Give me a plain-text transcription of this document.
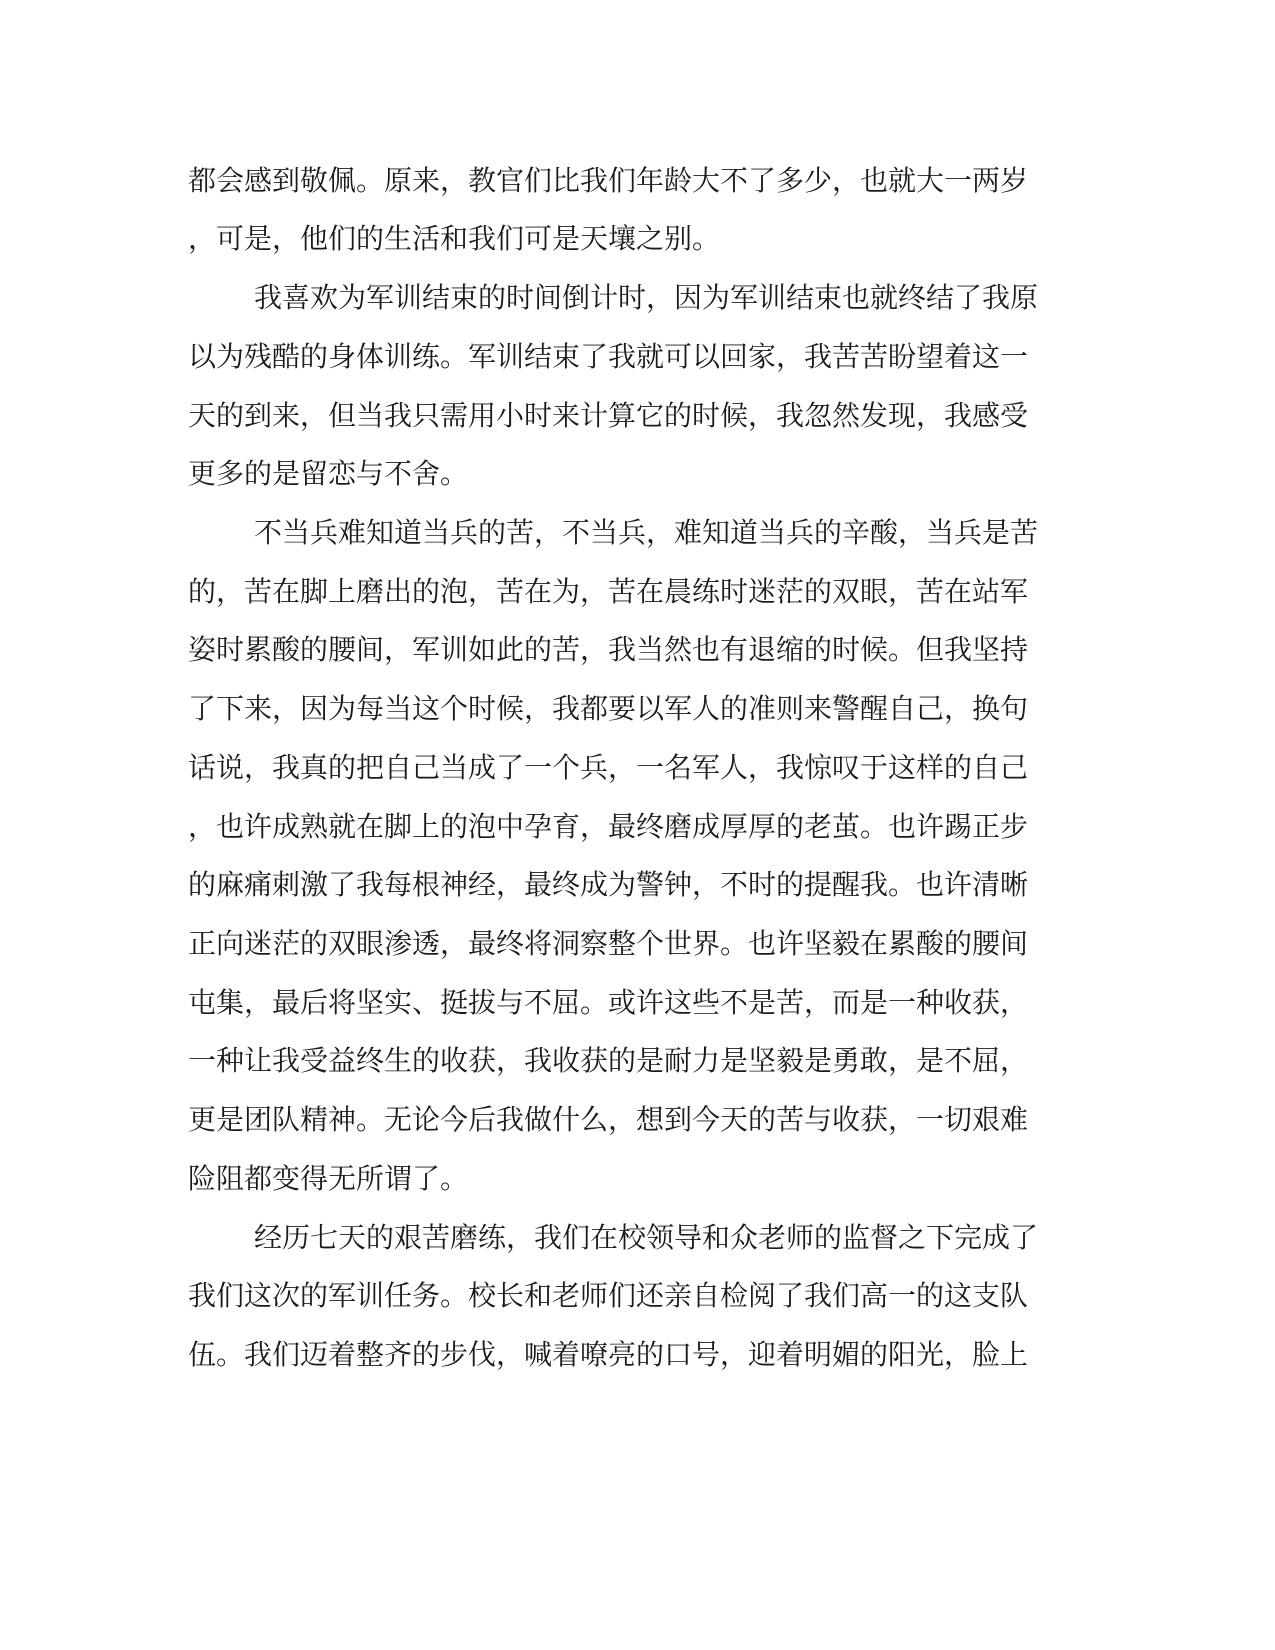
都会感到敬佩。原来，教官们比我们年龄大不了多少，也就大一两岁
，可是，他们的生活和我们可是天壤之别。
我喜欢为军训结束的时间倒计时，因为军训结束也就终结了我原
以为残酷的身体训练。军训结束了我就可以回家，我苦苦盼望着这一
天的到来，但当我只需用小时来计算它的时候，我忽然发现，我感受
更多的是留恋与不舍。
不当兵难知道当兵的苦，不当兵，难知道当兵的辛酸，当兵是苦
的，苦在脚上磨出的泡，苦在为，苦在晨练时迷茫的双眼，苦在站军
姿时累酸的腰间，军训如此的苦，我当然也有退缩的时候。但我坚持
了下来，因为每当这个时候，我都要以军人的准则来警醒自己，换句
话说，我真的把自己当成了一个兵，一名军人，我惊叹于这样的自己
，也许成熟就在脚上的泡中孕育，最终磨成厚厚的老茧。也许踢正步
的麻痛刺激了我每根神经，最终成为警钟，不时的提醒我。也许清晰
正向迷茫的双眼渗透，最终将洞察整个世界。也许坚毅在累酸的腰间
屯集，最后将坚实、挺拔与不屈。或许这些不是苦，而是一种收获，
一种让我受益终生的收获，我收获的是耐力是坚毅是勇敢，是不屈，
更是团队精神。无论今后我做什么，想到今天的苦与收获，一切艰难
险阻都变得无所谓了。
经历七天的艰苦磨练，我们在校领导和众老师的监督之下完成了
我们这次的军训任务。校长和老师们还亲自检阅了我们高一的这支队
伍。我们迈着整齐的步伐，喊着嘹亮的口号，迎着明媚的阳光，脸上
